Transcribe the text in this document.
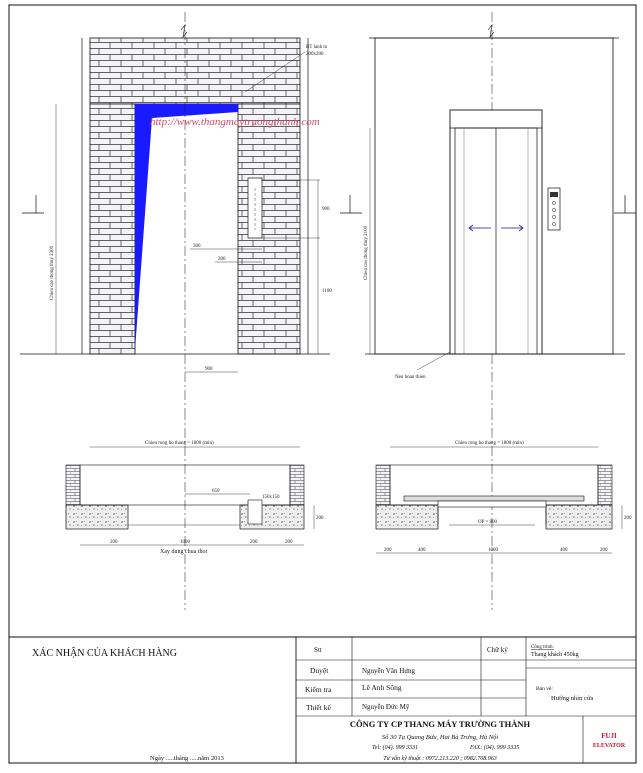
900
1100
300
200
900
BT lanh to
200x200
Chieu cao thong thuy 2300
http://www.thangmaytruongthanh.com
Chieu cao thong thuy 2100
Nen hoan thien
Chieu rong ho thang = 1800 (min)
650
150x150
200	1000	200	200
200
Xay dung chua thoi
Chieu rong ho thang = 1800 (min)
OP = 800
200	400	1000	400	200
200
XÁC NHẬN CỦA KHÁCH HÀNG
Ngày .....tháng .....năm 2013
Stt	Chữ ký
Duyệt	Nguyễn Văn Hưng
Kiểm tra	Lê Anh Sông
Thiết kế	Nguyễn Đức Mỹ
Công trình:
Thang khách 450kg
Bản vẽ:
Hướng nhìn cửa
CÔNG TY CP THANG MÁY TRƯỜNG THÀNH
Số 30 Tạ Quang Bửu, Hai Bà Trưng, Hà Nội
Tel: (04). 999 3331	FAX: (04). 999 3335
Tư vấn kỹ thuật : 0972.213.220 ; 0982.708.963
FUJI
ELEVATOR
